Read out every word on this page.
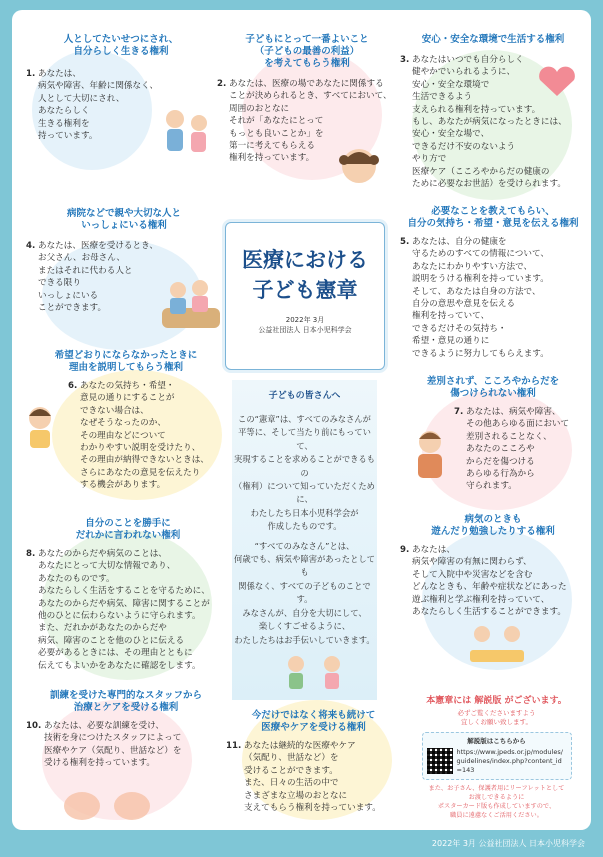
人としてたいせつにされ、
自分らしく生きる権利
1. あなたは、
病気や障害、年齢に関係なく、
人として大切にされ、
あなたらしく
生きる権利を
持っています。
子どもにとって一番よいこと
（子どもの最善の利益）
を考えてもらう権利
2. あなたは、医療の場であなたに関係する
ことが決められるとき、すべてにおいて、
周囲のおとなに
それが「あなたにとって
もっとも良いことか」を
第一に考えてもらえる
権利を持っています。
安心・安全な環境で生活する権利
3. あなたはいつでも自分らしく
健やかでいられるように、
安心・安全な環境で
生活できるよう
支えられる権利を持っています。
もし、あなたが病気になったときには、
安心・安全な場で、
できるだけ不安のないよう
やり方で
医療ケア（こころやからだの健康の
ために必要なお世話）を受けられます。
病院などで親や大切な人と
いっしょにいる権利
4. あなたは、医療を受けるとき、
お父さん、お母さん、
またはそれに代わる人と
できる限り
いっしょにいる
ことができます。
医療における
子ども憲章
2022年 3月
公益社団法人 日本小児科学会
必要なことを教えてもらい、
自分の気持ち・希望・意見を伝える権利
5. あなたは、自分の健康を
守るためのすべての情報について、
あなたにわかりやすい方法で、
説明をうける権利を持っています。
そして、あなたは自身の方法で、
自分の意思や意見を伝える
権利を持っていて、
できるだけその気持ち・
希望・意見の通りに
できるように努力してもらえます。
希望どおりにならなかったときに
理由を説明してもらう権利
6. あなたの気持ち・希望・
意見の通りにすることが
できない場合は、
なぜそうなったのか、
その理由などについて
わかりやすい説明を受けたり、
その理由が納得できないときは、
さらにあなたの意見を伝えたり
する機会があります。
子どもの皆さんへ
この“憲章”は、すべてのみなさんが
平等に、そして当たり前にもっていて、
実現することを求めることができるもの
（権利）について知っていただくために、
わたしたち日本小児科学会が
作成したものです。
“すべてのみなさん”とは、
何歳でも、病気や障害があったとしても
関係なく、すべての子どものことです。
みなさんが、自分を大切にして、
楽しくすごせるように、
わたしたちはお手伝いしていきます。
差別されず、こころやからだを
傷つけられない権利
7. あなたは、病気や障害、
その他あらゆる面において
差別されることなく、
あなたのこころや
からだを傷つける
あらゆる行為から
守られます。
自分のことを勝手に
だれかに言われない権利
8. あなたのからだや病気のことは、
あなたにとって大切な情報であり、
あなたのものです。
あなたらしく生活をすることを守るために、
あなたのからだや病気、障害に関することが
他のひとに伝わらないように守られます。
また、だれかがあなたのからだや
病気、障害のことを他のひとに伝える
必要があるときには、その理由とともに
伝えてもよいかをあなたに確認をします。
病気のときも
遊んだり勉強したりする権利
9. あなたは、
病気や障害の有無に関わらず、
そして入院中や災害などを含む
どんなときも、年齢や症状などにあった
遊ぶ権利と学ぶ権利を持っていて、
あなたらしく生活することができます。
訓練を受けた専門的なスタッフから
治療とケアを受ける権利
10. あなたは、必要な訓練を受け、
技術を身につけたスタッフによって
医療やケア（気配り、世話など）を
受ける権利を持っています。
今だけではなく将来も続けて
医療やケアを受ける権利
11. あなたは継続的な医療やケア
（気配り、世話など）を
受けることができます。
また、日々の生活の中で
さまざまな立場のおとなに
支えてもらう権利を持っています。
本憲章には 解説版 がございます。
必ずご覧くださいますよう
宜しくお願い致します。
解説版はこちらから
https://www.jpeds.or.jp/modules/guidelines/index.php?content_id=143
また、お子さん、保護者用にリーフレットとして
お渡しできるように
ポスターカード版も作成していますので、
職員に遠慮なくご活用ください。
2022年 3月 公益社団法人 日本小児科学会
